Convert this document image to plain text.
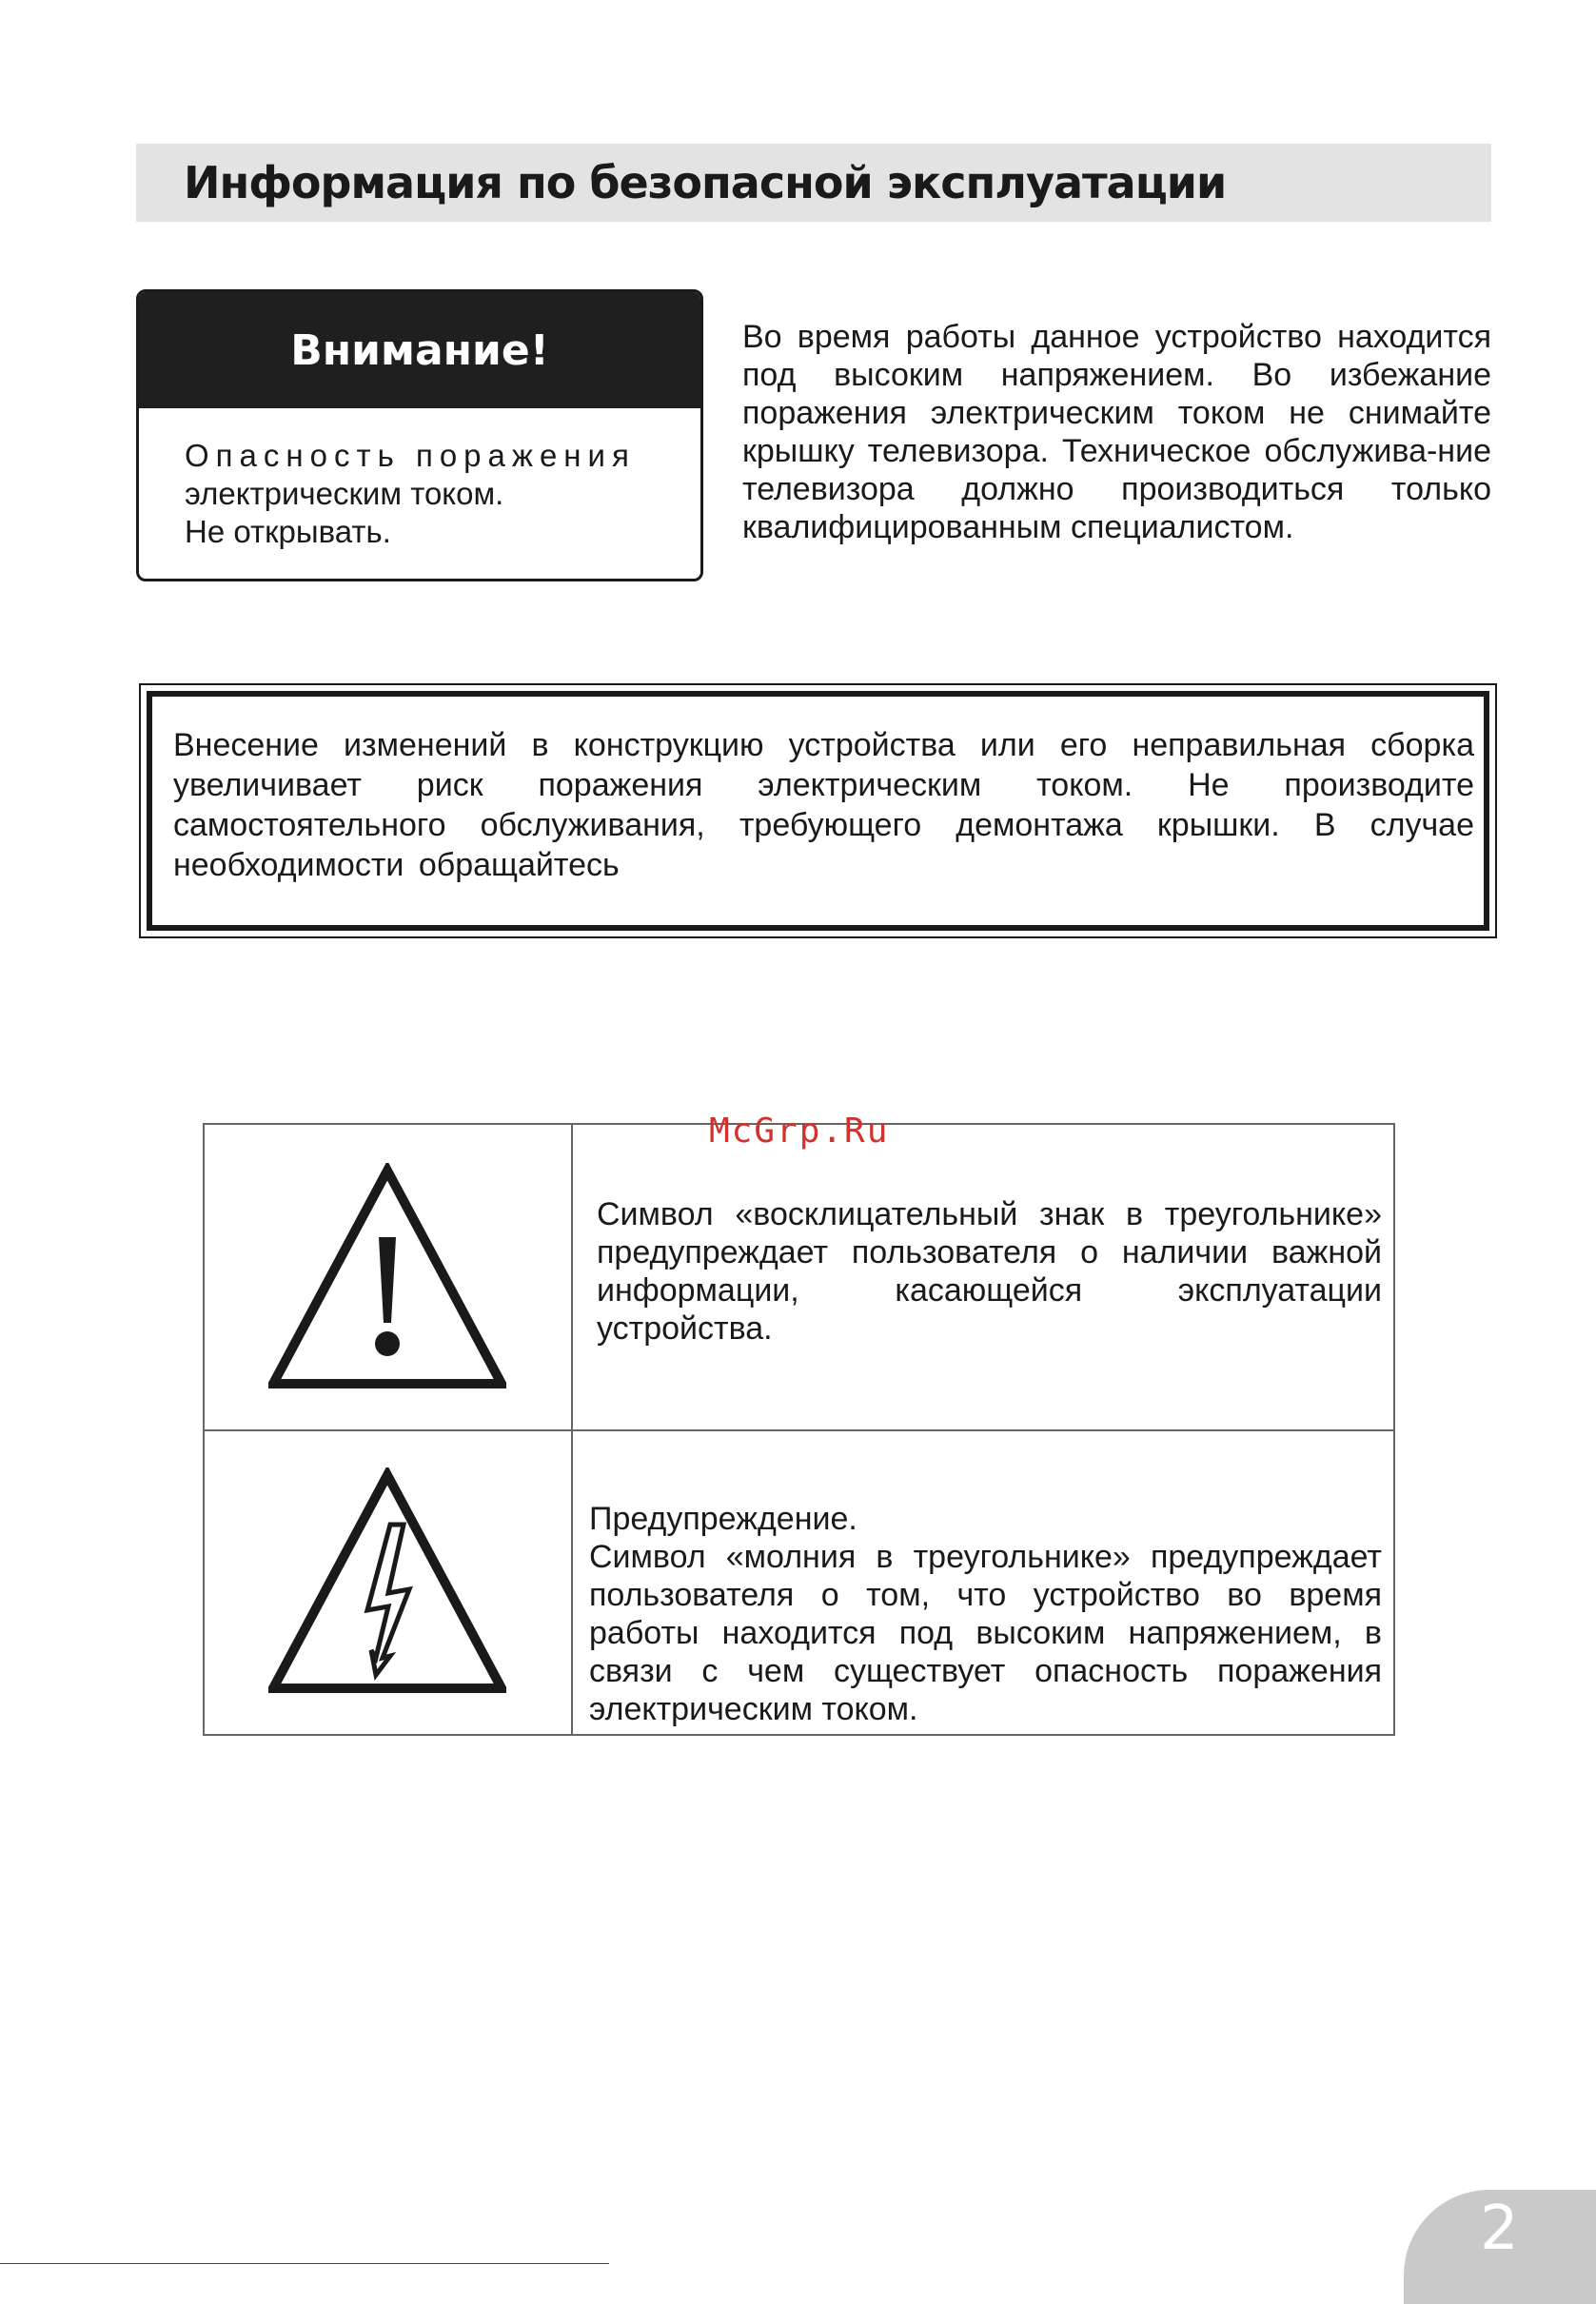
Информация по безопасной эксплуатации
Внимание!
Опасность поражения
электрическим током.
Не открывать.
Во время работы данное устройство находится под высоким напряжением. Во избежание поражения электрическим током не снимайте крышку телевизора. Техническое обслужива-ние телевизора должно производиться только квалифицированным специалистом.
Внесение изменений в конструкцию устройства или его неправильная сборка увеличивает риск поражения электрическим током. Не производите самостоятельного обслуживания, требующего демонтажа крышки. В случае необходимости обращайтесь
Символ «восклицательный знак в треугольнике» предупреждает пользователя о наличии важной информации, касающейся эксплуатации устройства.
Предупреждение.
Символ «молния в треугольнике» предупреждает пользователя о том, что устройство во время работы находится под высоким напряжением, в связи с чем существует опасность поражения электрическим током.
McGrp.Ru
2
